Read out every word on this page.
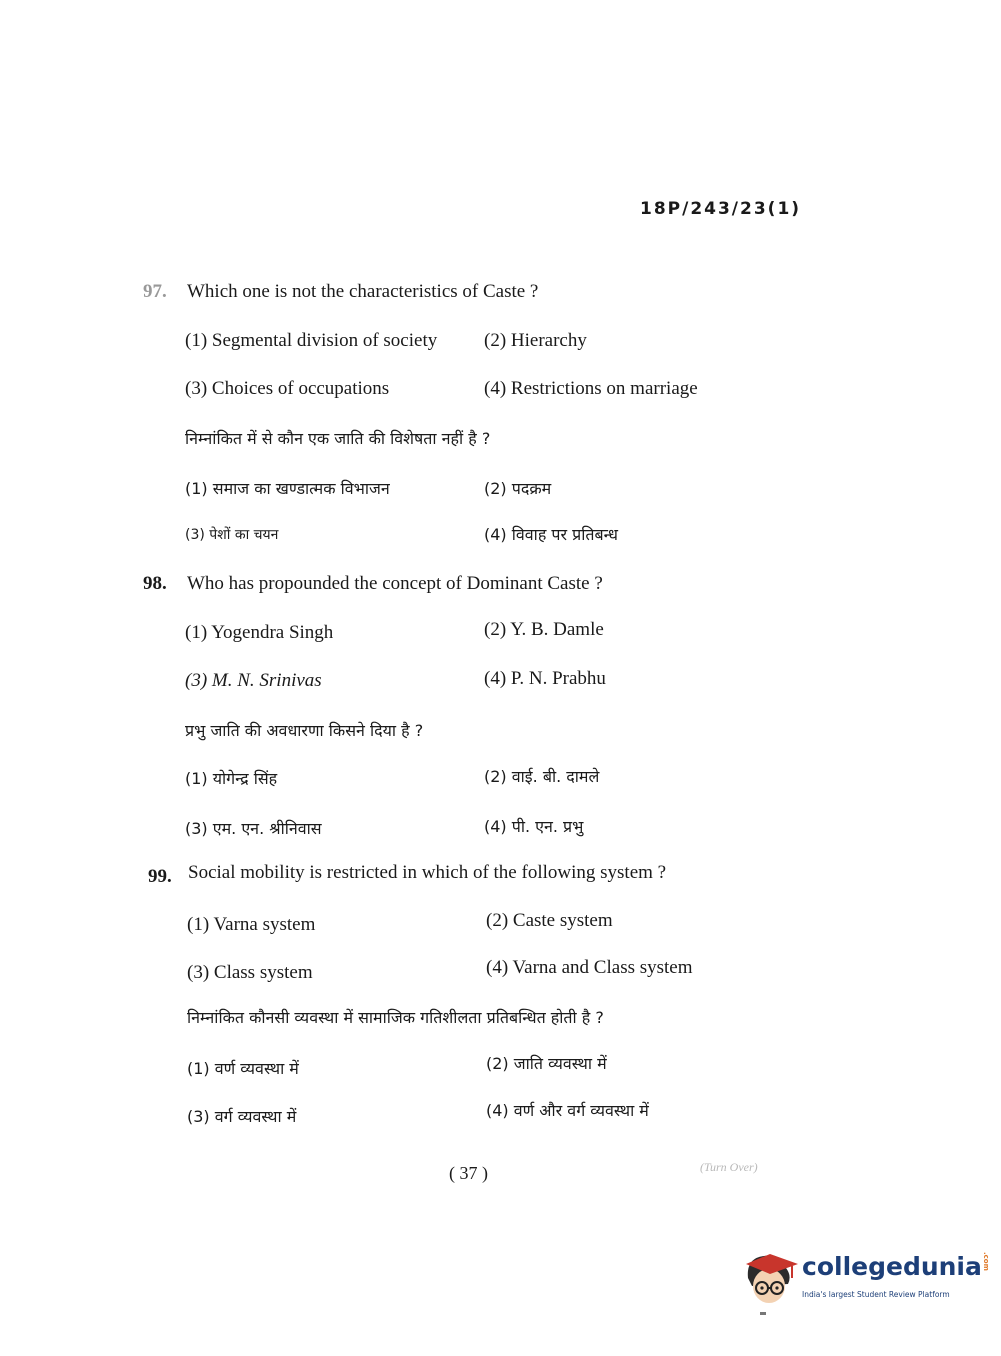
18P/243/23(1)
97. Which one is not the characteristics of Caste ?
(1) Segmental division of society (2) Hierarchy
(3) Choices of occupations	(4) Restrictions on marriage
निम्नांकित में से कौन एक जाति की विशेषता नहीं है ?
(1) समाज का खण्डात्मक विभाजन	(2) पदक्रम
(3) पेशों का चयन	(4) विवाह पर प्रतिबन्ध
98. Who has propounded the concept of Dominant Caste ?
(1) Yogendra Singh	(2) Y. B. Damle
(3) M. N. Srinivas	(4) P. N. Prabhu
प्रभु जाति की अवधारणा किसने दिया है ?
(1) योगेन्द्र सिंह	(2) वाई. बी. दामले
(3) एम. एन. श्रीनिवास	(4) पी. एन. प्रभु
99. Social mobility is restricted in which of the following system ?
(1) Varna system	(2) Caste system
(3) Class system	(4) Varna and Class system
निम्नांकित कौनसी व्यवस्था में सामाजिक गतिशीलता प्रतिबन्धित होती है ?
(1) वर्ण व्यवस्था में	(2) जाति व्यवस्था में
(3) वर्ग व्यवस्था में	(4) वर्ण और वर्ग व्यवस्था में
( 37 )	(Turn Over)
collegedunia.com
India's largest Student Review Platform
